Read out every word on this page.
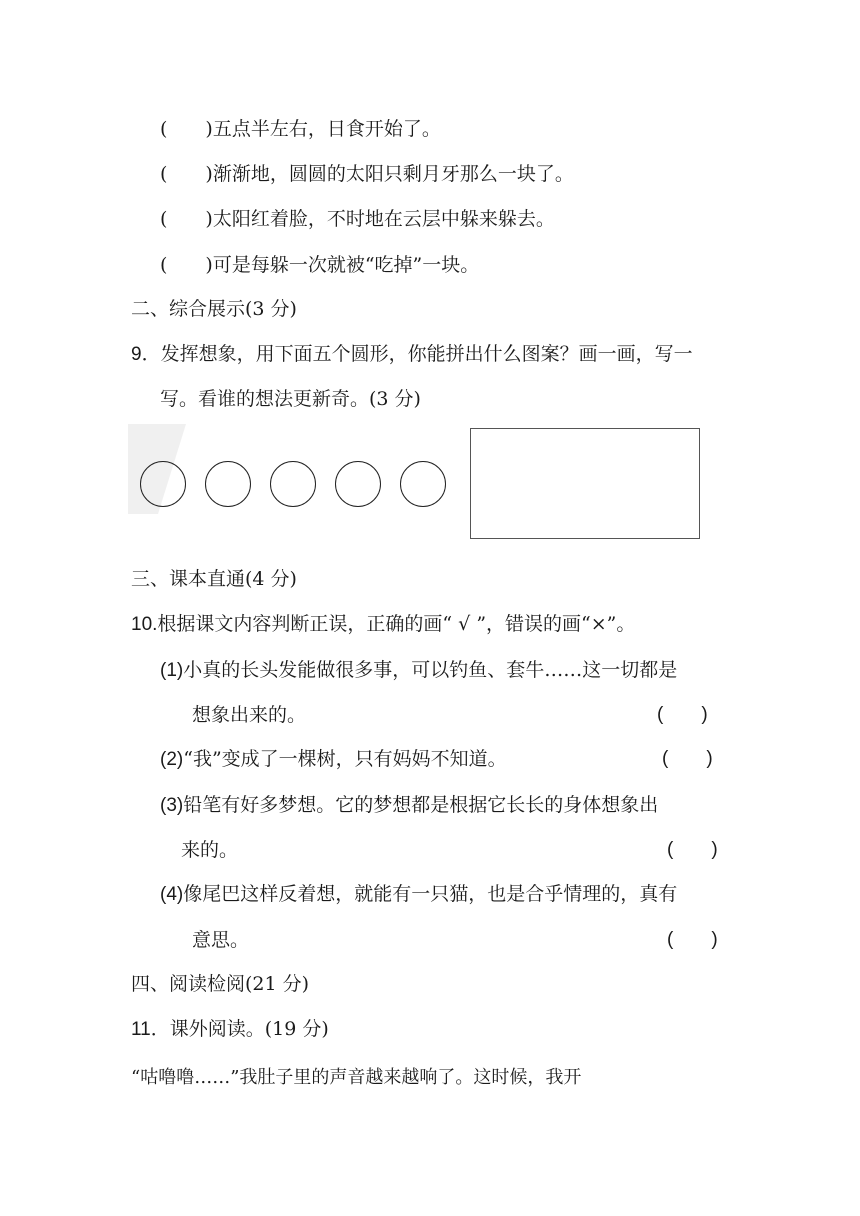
(　　)五点半左右，日食开始了。
(　　)渐渐地，圆圆的太阳只剩月牙那么一块了。
(　　)太阳红着脸，不时地在云层中躲来躲去。
(　　)可是每躲一次就被“吃掉”一块。
二、综合展示(3 分)
9．发挥想象，用下面五个圆形，你能拼出什么图案？画一画，写一
写。看谁的想法更新奇。(3 分)
三、课本直通(4 分)
10.根据课文内容判断正误，正确的画“ √ ”，错误的画“×”。
(1)小真的长头发能做很多事，可以钓鱼、套牛……这一切都是
想象出来的。	(　　)
(2)“我”变成了一棵树，只有妈妈不知道。	(　　)
(3)铅笔有好多梦想。它的梦想都是根据它长长的身体想象出
来的。	(　　)
(4)像尾巴这样反着想，就能有一只猫，也是合乎情理的，真有
意思。	(　　)
四、阅读检阅(21 分)
11．课外阅读。(19 分)
“咕噜噜……”我肚子里的声音越来越响了。这时候，我开
